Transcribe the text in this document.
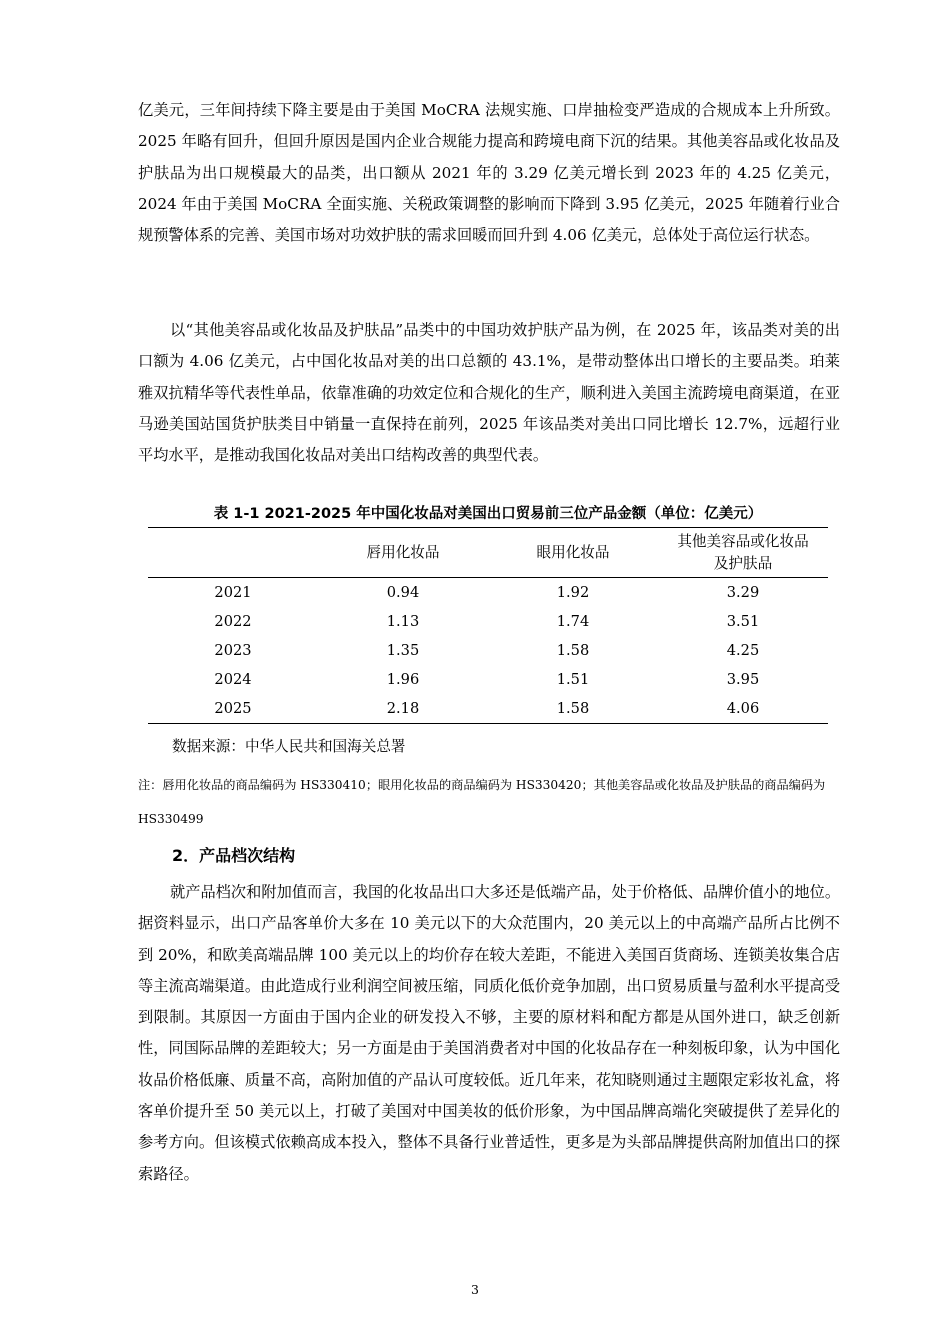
亿美元，三年间持续下降主要是由于美国 MoCRA 法规实施、口岸抽检变严造成的合规成本上升所致。2025 年略有回升，但回升原因是国内企业合规能力提高和跨境电商下沉的结果。其他美容品或化妆品及护肤品为出口规模最大的品类，出口额从 2021 年的 3.29 亿美元增长到 2023 年的 4.25 亿美元，2024 年由于美国 MoCRA 全面实施、关税政策调整的影响而下降到 3.95 亿美元，2025 年随着行业合规预警体系的完善、美国市场对功效护肤的需求回暖而回升到 4.06 亿美元，总体处于高位运行状态。

以“其他美容品或化妆品及护肤品”品类中的中国功效护肤产品为例，在 2025 年，该品类对美的出口额为 4.06 亿美元，占中国化妆品对美的出口总额的 43.1%，是带动整体出口增长的主要品类。珀莱雅双抗精华等代表性单品，依靠准确的功效定位和合规化的生产，顺利进入美国主流跨境电商渠道，在亚马逊美国站国货护肤类目中销量一直保持在前列，2025 年该品类对美出口同比增长 12.7%，远超行业平均水平，是推动我国化妆品对美出口结构改善的典型代表。

表 1-1 2021-2025 年中国化妆品对美国出口贸易前三位产品金额（单位：亿美元）
	唇用化妆品	眼用化妆品	其他美容品或化妆品
及护肤品

2021	0.94	1.92	3.29
2022	1.13	1.74	3.51
2023	1.35	1.58	4.25
2024	1.96	1.51	3.95
2025	2.18	1.58	4.06
数据来源：中华人民共和国海关总署

注：唇用化妆品的商品编码为 HS330410；眼用化妆品的商品编码为 HS330420；其他美容品或化妆品及护肤品的商品编码为 HS330499

2．产品档次结构

就产品档次和附加值而言，我国的化妆品出口大多还是低端产品，处于价格低、品牌价值小的地位。据资料显示，出口产品客单价大多在 10 美元以下的大众范围内，20 美元以上的中高端产品所占比例不到 20%，和欧美高端品牌 100 美元以上的均价存在较大差距，不能进入美国百货商场、连锁美妆集合店等主流高端渠道。由此造成行业利润空间被压缩，同质化低价竞争加剧，出口贸易质量与盈利水平提高受到限制。其原因一方面由于国内企业的研发投入不够，主要的原材料和配方都是从国外进口，缺乏创新性，同国际品牌的差距较大；另一方面是由于美国消费者对中国的化妆品存在一种刻板印象，认为中国化妆品价格低廉、质量不高，高附加值的产品认可度较低。近几年来，花知晓则通过主题限定彩妆礼盒，将客单价提升至 50 美元以上，打破了美国对中国美妆的低价形象，为中国品牌高端化突破提供了差异化的参考方向。但该模式依赖高成本投入，整体不具备行业普适性，更多是为头部品牌提供高附加值出口的探索路径。

3
